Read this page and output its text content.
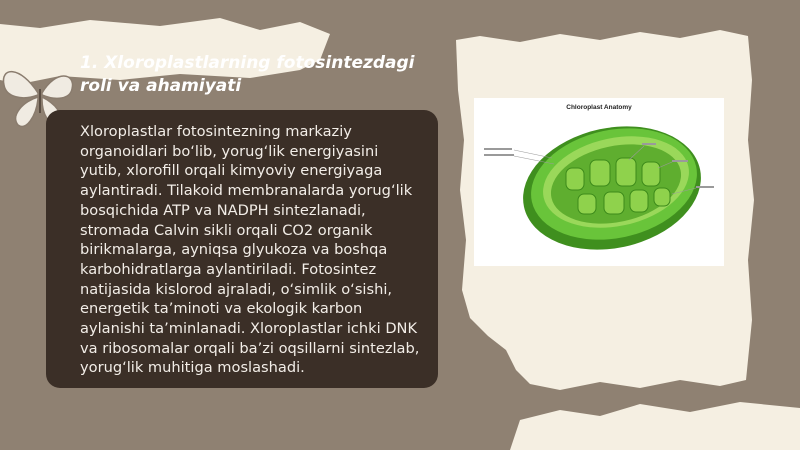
1. Xloroplastlarning fotosintezdagi roli va ahamiyati
Xloroplastlar fotosintezning markaziy organoidlari bo‘lib, yorug‘lik energiyasini yutib, xlorofill orqali kimyoviy energiyaga aylantiradi. Tilakoid membranalarda yorug‘lik bosqichida ATP va NADPH sintezlanadi, stromada Calvin sikli orqali CO2 organik birikmalarga, ayniqsa glyukoza va boshqa karbohidratlarga aylantiriladi. Fotosintez natijasida kislorod ajraladi, o‘simlik o‘sishi, energetik ta’minoti va ekologik karbon aylanishi ta’minlanadi. Xloroplastlar ichki DNK va ribosomalar orqali ba’zi oqsillarni sintezlab, yorug‘lik muhitiga moslashadi.
Chloroplast Anatomy
